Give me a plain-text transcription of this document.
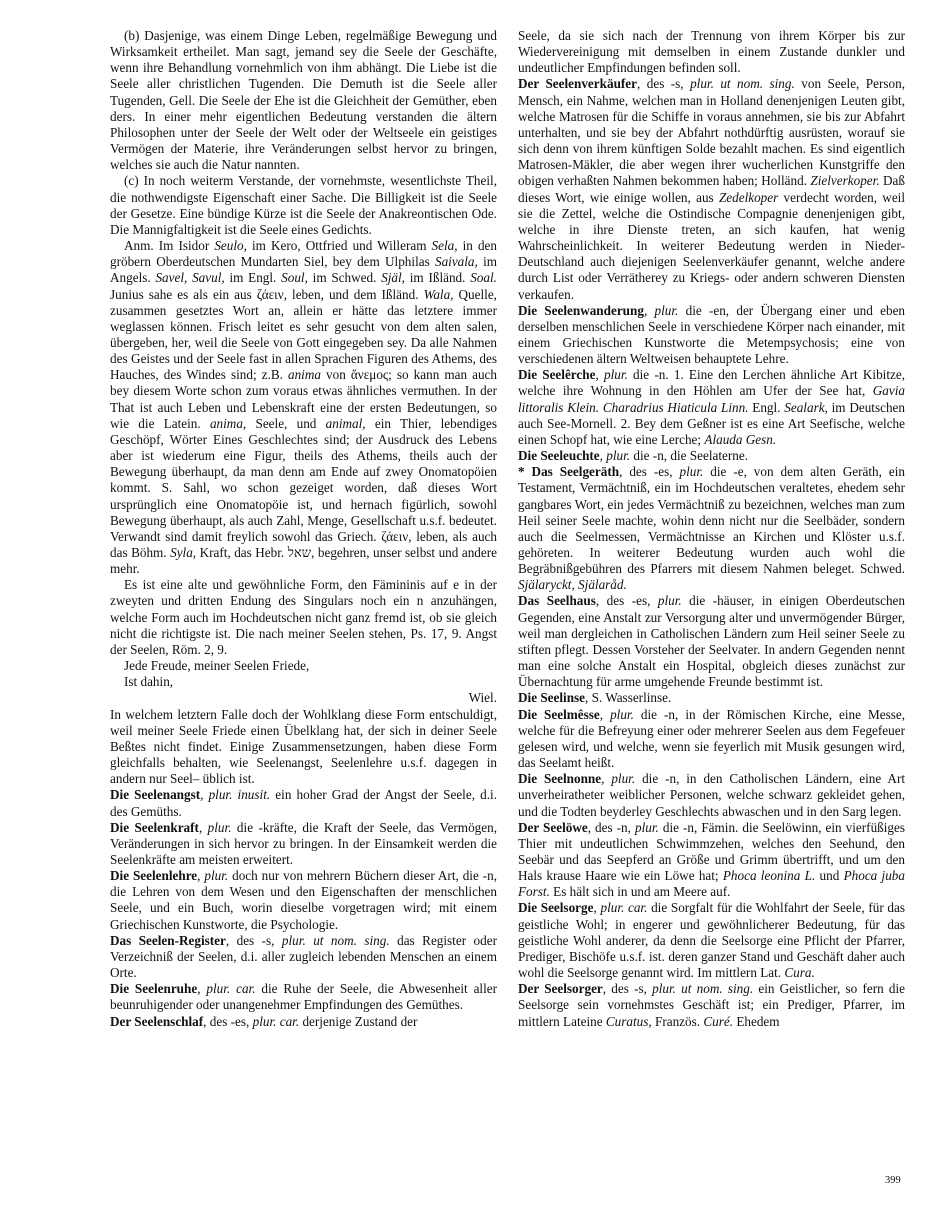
(b) Dasjenige, was einem Dinge Leben, regelmäßige Bewegung und Wirksamkeit ertheilet. Man sagt, jemand sey die Seele der Geschäfte, wenn ihre Behandlung vornehmlich von ihm abhängt. Die Liebe ist die Seele aller christlichen Tugenden. Die Demuth ist die Seele aller Tugenden, Gell. Die Seele der Ehe ist die Gleichheit der Gemüther, eben ders. In einer mehr eigentlichen Bedeutung verstanden die ältern Philosophen unter der Seele der Welt oder der Weltseele ein geistiges Vermögen der Materie, ihre Veränderungen selbst hervor zu bringen, welches sie auch die Natur nannten.

(c) In noch weiterm Verstande, der vornehmste, wesentlichste Theil, die nothwendigste Eigenschaft einer Sache. Die Billigkeit ist die Seele der Gesetze. Eine bündige Kürze ist die Seele der Anakreontischen Ode. Die Mannigfaltigkeit ist die Seele eines Gedichts.

Anm. Im Isidor Seulo, im Kero, Ottfried und Willeram Sela, in den gröbern Oberdeutschen Mundarten Siel, bey dem Ulphilas Saivala, im Angels. Savel, Savul, im Engl. Soul, im Schwed. Själ, im Ißländ. Soal. Junius sahe es als ein aus ζάειν, leben, und dem Ißländ. Wala, Quelle, zusammen gesetztes Wort an, allein er hätte das letztere immer weglassen können. Frisch leitet es sehr gesucht von dem alten salen, übergeben, her, weil die Seele von Gott eingegeben sey. Da alle Nahmen des Geistes und der Seele fast in allen Sprachen Figuren des Athems, des Hauches, des Windes sind; z.B. anima von ἄνεμος; so kann man auch bey diesem Worte schon zum voraus etwas ähnliches vermuthen. In der That ist auch Leben und Lebenskraft eine der ersten Bedeutungen, so wie die Latein. anima, Seele, und animal, ein Thier, lebendiges Geschöpf, Wörter Eines Geschlechtes sind; der Ausdruck des Lebens aber ist wiederum eine Figur, theils des Athems, theils auch der Bewegung überhaupt, da man denn am Ende auf zwey Onomatopöien kommt. S. Sahl, wo schon gezeiget worden, daß dieses Wort ursprünglich eine Onomatopöie ist, und hernach figürlich, sowohl Bewegung überhaupt, als auch Zahl, Menge, Gesellschaft u.s.f. bedeutet. Verwandt sind damit freylich sowohl das Griech. ζάειν, leben, als auch das Böhm. Syla, Kraft, das Hebr. שאל, begehren, unser selbst und andere mehr.

Es ist eine alte und gewöhnliche Form, den Fämininis auf e in der zweyten und dritten Endung des Singulars noch ein n anzuhängen, welche Form auch im Hochdeutschen nicht ganz fremd ist, ob sie gleich nicht die richtigste ist. Die nach meiner Seelen stehen, Ps. 17, 9. Angst der Seelen, Röm. 2, 9.

Jede Freude, meiner Seelen Friede,

Ist dahin,

Wiel.

In welchem letztern Falle doch der Wohlklang diese Form entschuldigt, weil meiner Seele Friede einen Übelklang hat, der sich in deiner Seele Beßtes nicht findet. Einige Zusammensetzungen, haben diese Form gleichfalls behalten, wie Seelenangst, Seelenlehre u.s.f. dagegen in andern nur Seel– üblich ist.

Die Seelenangst, plur. inusit. ein hoher Grad der Angst der Seele, d.i. des Gemüths.

Die Seelenkraft, plur. die -kräfte, die Kraft der Seele, das Vermögen, Veränderungen in sich hervor zu bringen. In der Einsamkeit werden die Seelenkräfte am meisten erweitert.

Die Seelenlehre, plur. doch nur von mehrern Büchern dieser Art, die -n, die Lehren von dem Wesen und den Eigenschaften der menschlichen Seele, und ein Buch, worin dieselbe vorgetragen wird; mit einem Griechischen Kunstworte, die Psychologie.

Das Seelen-Register, des -s, plur. ut nom. sing. das Register oder Verzeichniß der Seelen, d.i. aller zugleich lebenden Menschen an einem Orte.

Die Seelenruhe, plur. car. die Ruhe der Seele, die Abwesenheit aller beunruhigender oder unangenehmer Empfindungen des Gemüthes.

Der Seelenschlaf, des -es, plur. car. derjenige Zustand der

Seele, da sie sich nach der Trennung von ihrem Körper bis zur Wiedervereinigung mit demselben in einem Zustande dunkler und undeutlicher Empfindungen befinden soll.

Der Seelenverkäufer, des -s, plur. ut nom. sing. von Seele, Person, Mensch, ein Nahme, welchen man in Holland denenjenigen Leuten gibt, welche Matrosen für die Schiffe in voraus annehmen, sie bis zur Abfahrt unterhalten, und sie bey der Abfahrt nothdürftig ausrüsten, worauf sie sich denn von ihrem künftigen Solde bezahlt machen. Es sind eigentlich Matrosen-Mäkler, die aber wegen ihrer wucherlichen Kunstgriffe den obigen verhaßten Nahmen bekommen haben; Holländ. Zielverkoper. Daß dieses Wort, wie einige wollen, aus Zedelkoper verdecht worden, weil sie die Zettel, welche die Ostindische Compagnie denenjenigen gibt, welche in ihre Dienste treten, an sich kaufen, hat wenig Wahrscheinlichkeit. In weiterer Bedeutung werden in Nieder-Deutschland auch diejenigen Seelenverkäufer genannt, welche andere durch List oder Verrätherey zu Kriegs- oder andern schweren Diensten verkaufen.

Die Seelenwanderung, plur. die -en, der Übergang einer und eben derselben menschlichen Seele in verschiedene Körper nach einander, mit einem Griechischen Kunstworte die Metempsychosis; eine von verschiedenen ältern Weltweisen behauptete Lehre.

Die Seelêrche, plur. die -n. 1. Eine den Lerchen ähnliche Art Kibitze, welche ihre Wohnung in den Höhlen am Ufer der See hat, Gavia littoralis Klein. Charadrius Hiaticula Linn. Engl. Sealark, im Deutschen auch See-Mornell. 2. Bey dem Geßner ist es eine Art Seefische, welche einen Schopf hat, wie eine Lerche; Alauda Gesn.

Die Seeleuchte, plur. die -n, die Seelaterne.

* Das Seelgeräth, des -es, plur. die -e, von dem alten Geräth, ein Testament, Vermächtniß, ein im Hochdeutschen veraltetes, ehedem sehr gangbares Wort, ein jedes Vermächtniß zu bezeichnen, welches man zum Heil seiner Seele machte, wohin denn nicht nur die Seelbäder, sondern auch die Seelmessen, Vermächtnisse an Kirchen und Klöster u.s.f. gehöreten. In weiterer Bedeutung wurden auch wohl die Begräbnißgebühren des Pfarrers mit diesem Nahmen beleget. Schwed. Själaryckt, Själaråd.

Das Seelhaus, des -es, plur. die -häuser, in einigen Oberdeutschen Gegenden, eine Anstalt zur Versorgung alter und unvermögender Bürger, weil man dergleichen in Catholischen Ländern zum Heil seiner Seele zu stiften pflegt. Dessen Vorsteher der Seelvater. In andern Gegenden nennt man eine solche Anstalt ein Hospital, obgleich dieses zunächst zur Übernachtung für arme umgehende Freunde bestimmt ist.

Die Seelinse, S. Wasserlinse.

Die Seelmêsse, plur. die -n, in der Römischen Kirche, eine Messe, welche für die Befreyung einer oder mehrerer Seelen aus dem Fegefeuer gelesen wird, und welche, wenn sie feyerlich mit Musik gesungen wird, das Seelamt heißt.

Die Seelnonne, plur. die -n, in den Catholischen Ländern, eine Art unverheiratheter weiblicher Personen, welche schwarz gekleidet gehen, und die Todten beyderley Geschlechts abwaschen und in den Sarg legen.

Der Seelöwe, des -n, plur. die -n, Fämin. die Seelöwinn, ein vierfüßiges Thier mit undeutlichen Schwimmzehen, welches den Seehund, den Seebär und das Seepferd an Größe und Grimm übertrifft, und um den Hals krause Haare wie ein Löwe hat; Phoca leonina L. und Phoca juba Forst. Es hält sich in und am Meere auf.

Die Seelsorge, plur. car. die Sorgfalt für die Wohlfahrt der Seele, für das geistliche Wohl; in engerer und gewöhnlicherer Bedeutung, für das geistliche Wohl anderer, da denn die Seelsorge eine Pflicht der Pfarrer, Prediger, Bischöfe u.s.f. ist. deren ganzer Stand und Geschäft daher auch wohl die Seelsorge genannt wird. Im mittlern Lat. Cura.

Der Seelsorger, des -s, plur. ut nom. sing. ein Geistlicher, so fern die Seelsorge sein vornehmstes Geschäft ist; ein Prediger, Pfarrer, im mittlern Lateine Curatus, Französ. Curé. Ehedem

399
